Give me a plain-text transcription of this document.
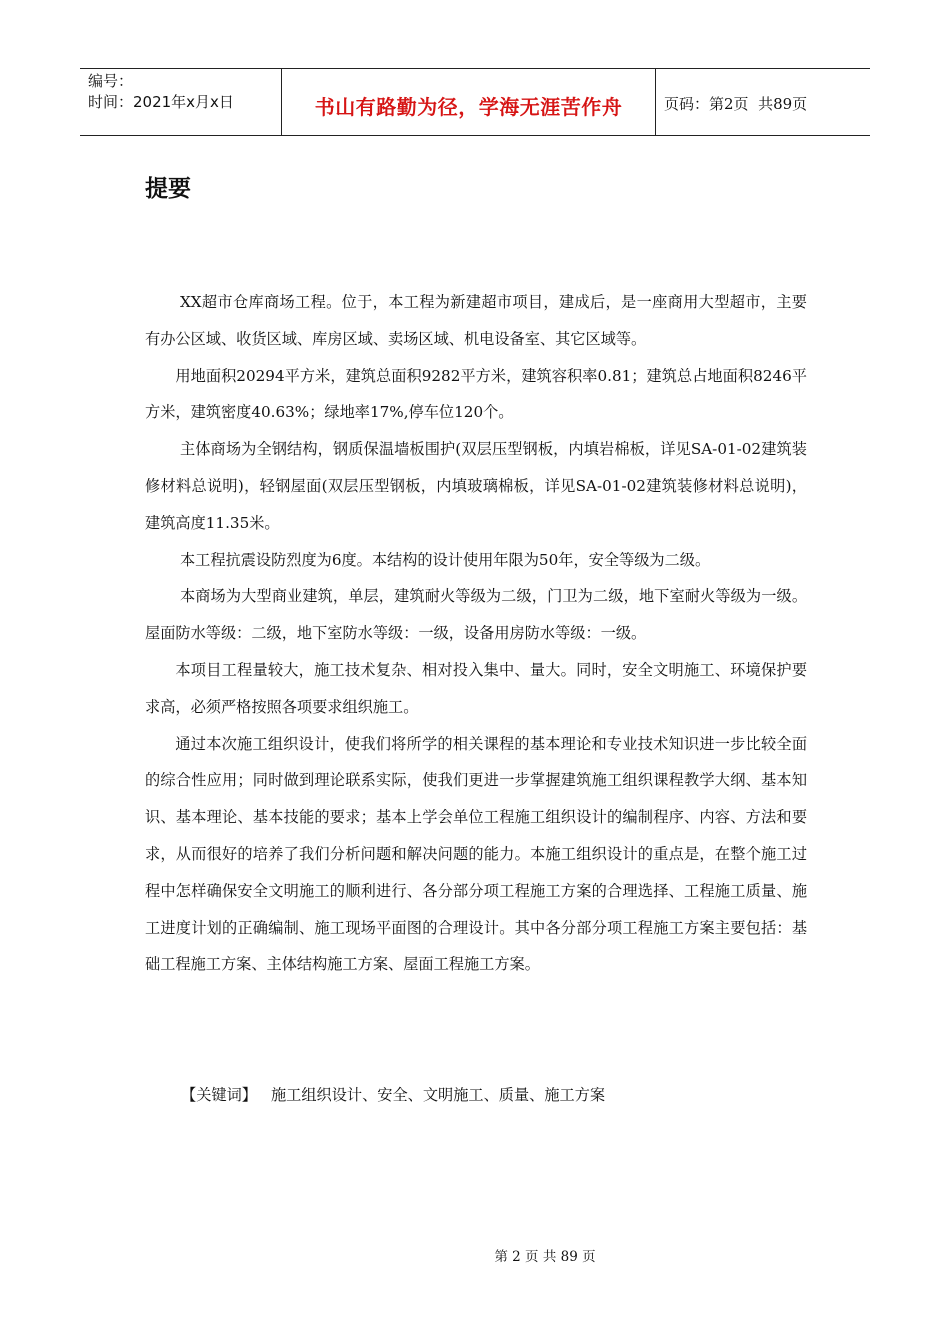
编号：
时间：2021年x月x日	书山有路勤为径，学海无涯苦作舟	页码：第2页  共89页
提要

XX超市仓库商场工程。位于，本工程为新建超市项目，建成后，是一座商用大型超市，主要有办公区域、收货区域、库房区域、卖场区域、机电设备室、其它区域等。

用地面积20294平方米，建筑总面积9282平方米，建筑容积率0.81；建筑总占地面积8246平方米，建筑密度40.63%；绿地率17%,停车位120个。

主体商场为全钢结构，钢质保温墙板围护(双层压型钢板，内填岩棉板，详见SA-01-02建筑装修材料总说明)，轻钢屋面(双层压型钢板，内填玻璃棉板，详见SA-01-02建筑装修材料总说明)，建筑高度11.35米。

本工程抗震设防烈度为6度。本结构的设计使用年限为50年，安全等级为二级。

本商场为大型商业建筑，单层，建筑耐火等级为二级，门卫为二级，地下室耐火等级为一级。屋面防水等级：二级，地下室防水等级：一级，设备用房防水等级：一级。

本项目工程量较大，施工技术复杂、相对投入集中、量大。同时，安全文明施工、环境保护要求高，必须严格按照各项要求组织施工。

通过本次施工组织设计，使我们将所学的相关课程的基本理论和专业技术知识进一步比较全面的综合性应用；同时做到理论联系实际，使我们更进一步掌握建筑施工组织课程教学大纲、基本知识、基本理论、基本技能的要求；基本上学会单位工程施工组织设计的编制程序、内容、方法和要求，从而很好的培养了我们分析问题和解决问题的能力。本施工组织设计的重点是，在整个施工过程中怎样确保安全文明施工的顺利进行、各分部分项工程施工方案的合理选择、工程施工质量、施工进度计划的正确编制、施工现场平面图的合理设计。其中各分部分项工程施工方案主要包括：基础工程施工方案、主体结构施工方案、屋面工程施工方案。

【关键词】 施工组织设计、安全、文明施工、质量、施工方案
第 2 页 共 89 页
